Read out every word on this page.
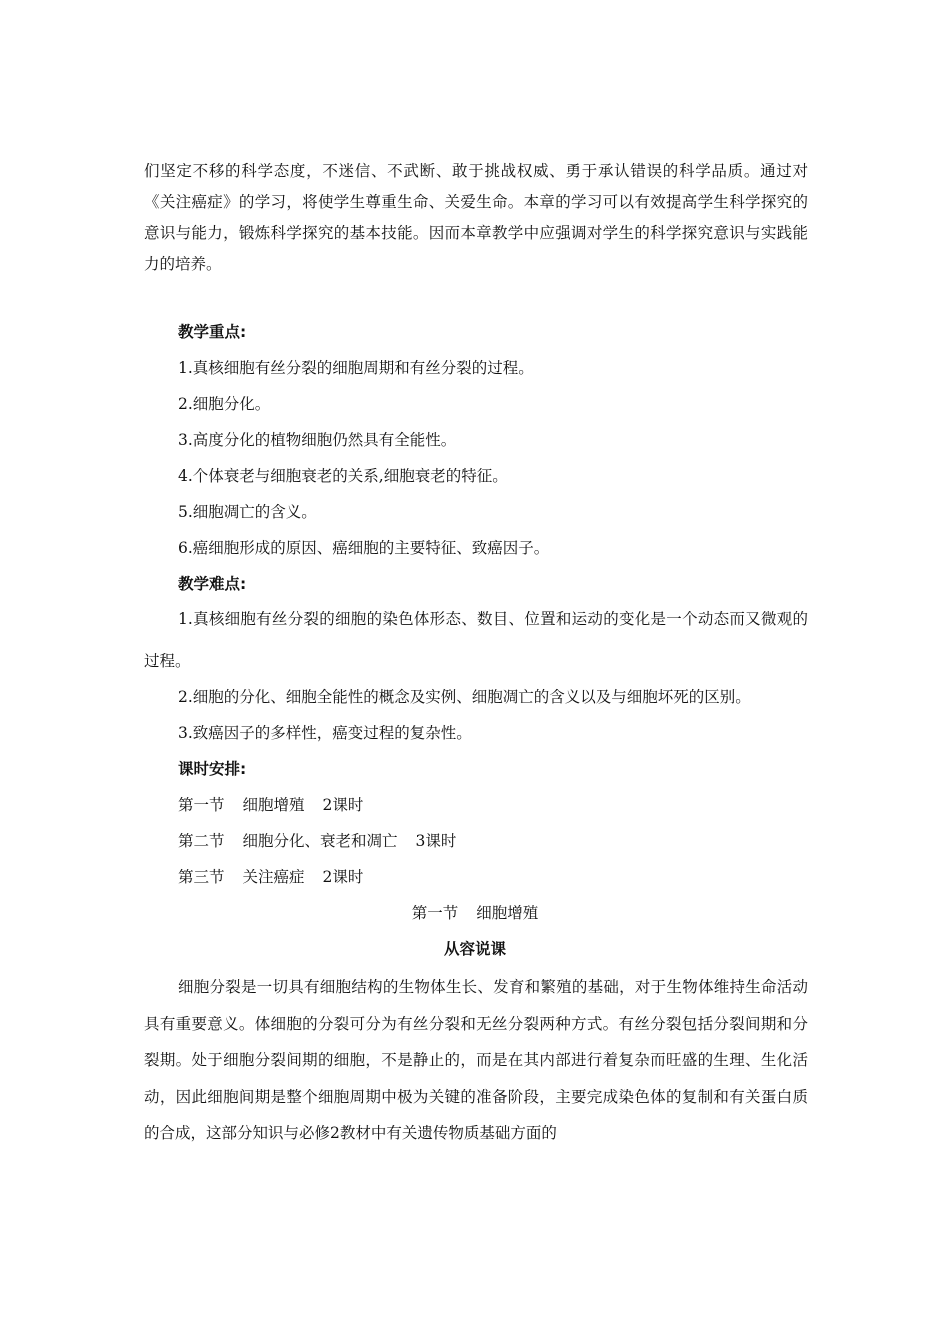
们坚定不移的科学态度，不迷信、不武断、敢于挑战权威、勇于承认错误的科学品质。通过对《关注癌症》的学习，将使学生尊重生命、关爱生命。本章的学习可以有效提高学生科学探究的意识与能力，锻炼科学探究的基本技能。因而本章教学中应强调对学生的科学探究意识与实践能力的培养。
教学重点:
1.真核细胞有丝分裂的细胞周期和有丝分裂的过程。
2.细胞分化。
3.高度分化的植物细胞仍然具有全能性。
4.个体衰老与细胞衰老的关系,细胞衰老的特征。
5.细胞凋亡的含义。
6.癌细胞形成的原因、癌细胞的主要特征、致癌因子。
教学难点:
1.真核细胞有丝分裂的细胞的染色体形态、数目、位置和运动的变化是一个动态而又微观的过程。
2.细胞的分化、细胞全能性的概念及实例、细胞凋亡的含义以及与细胞坏死的区别。
3.致癌因子的多样性，癌变过程的复杂性。
课时安排:
第一节 细胞增殖 2课时
第二节 细胞分化、衰老和凋亡 3课时
第三节 关注癌症 2课时
第一节 细胞增殖
从容说课
细胞分裂是一切具有细胞结构的生物体生长、发育和繁殖的基础，对于生物体维持生命活动具有重要意义。体细胞的分裂可分为有丝分裂和无丝分裂两种方式。有丝分裂包括分裂间期和分裂期。处于细胞分裂间期的细胞，不是静止的，而是在其内部进行着复杂而旺盛的生理、生化活动，因此细胞间期是整个细胞周期中极为关键的准备阶段，主要完成染色体的复制和有关蛋白质的合成，这部分知识与必修2教材中有关遗传物质基础方面的
